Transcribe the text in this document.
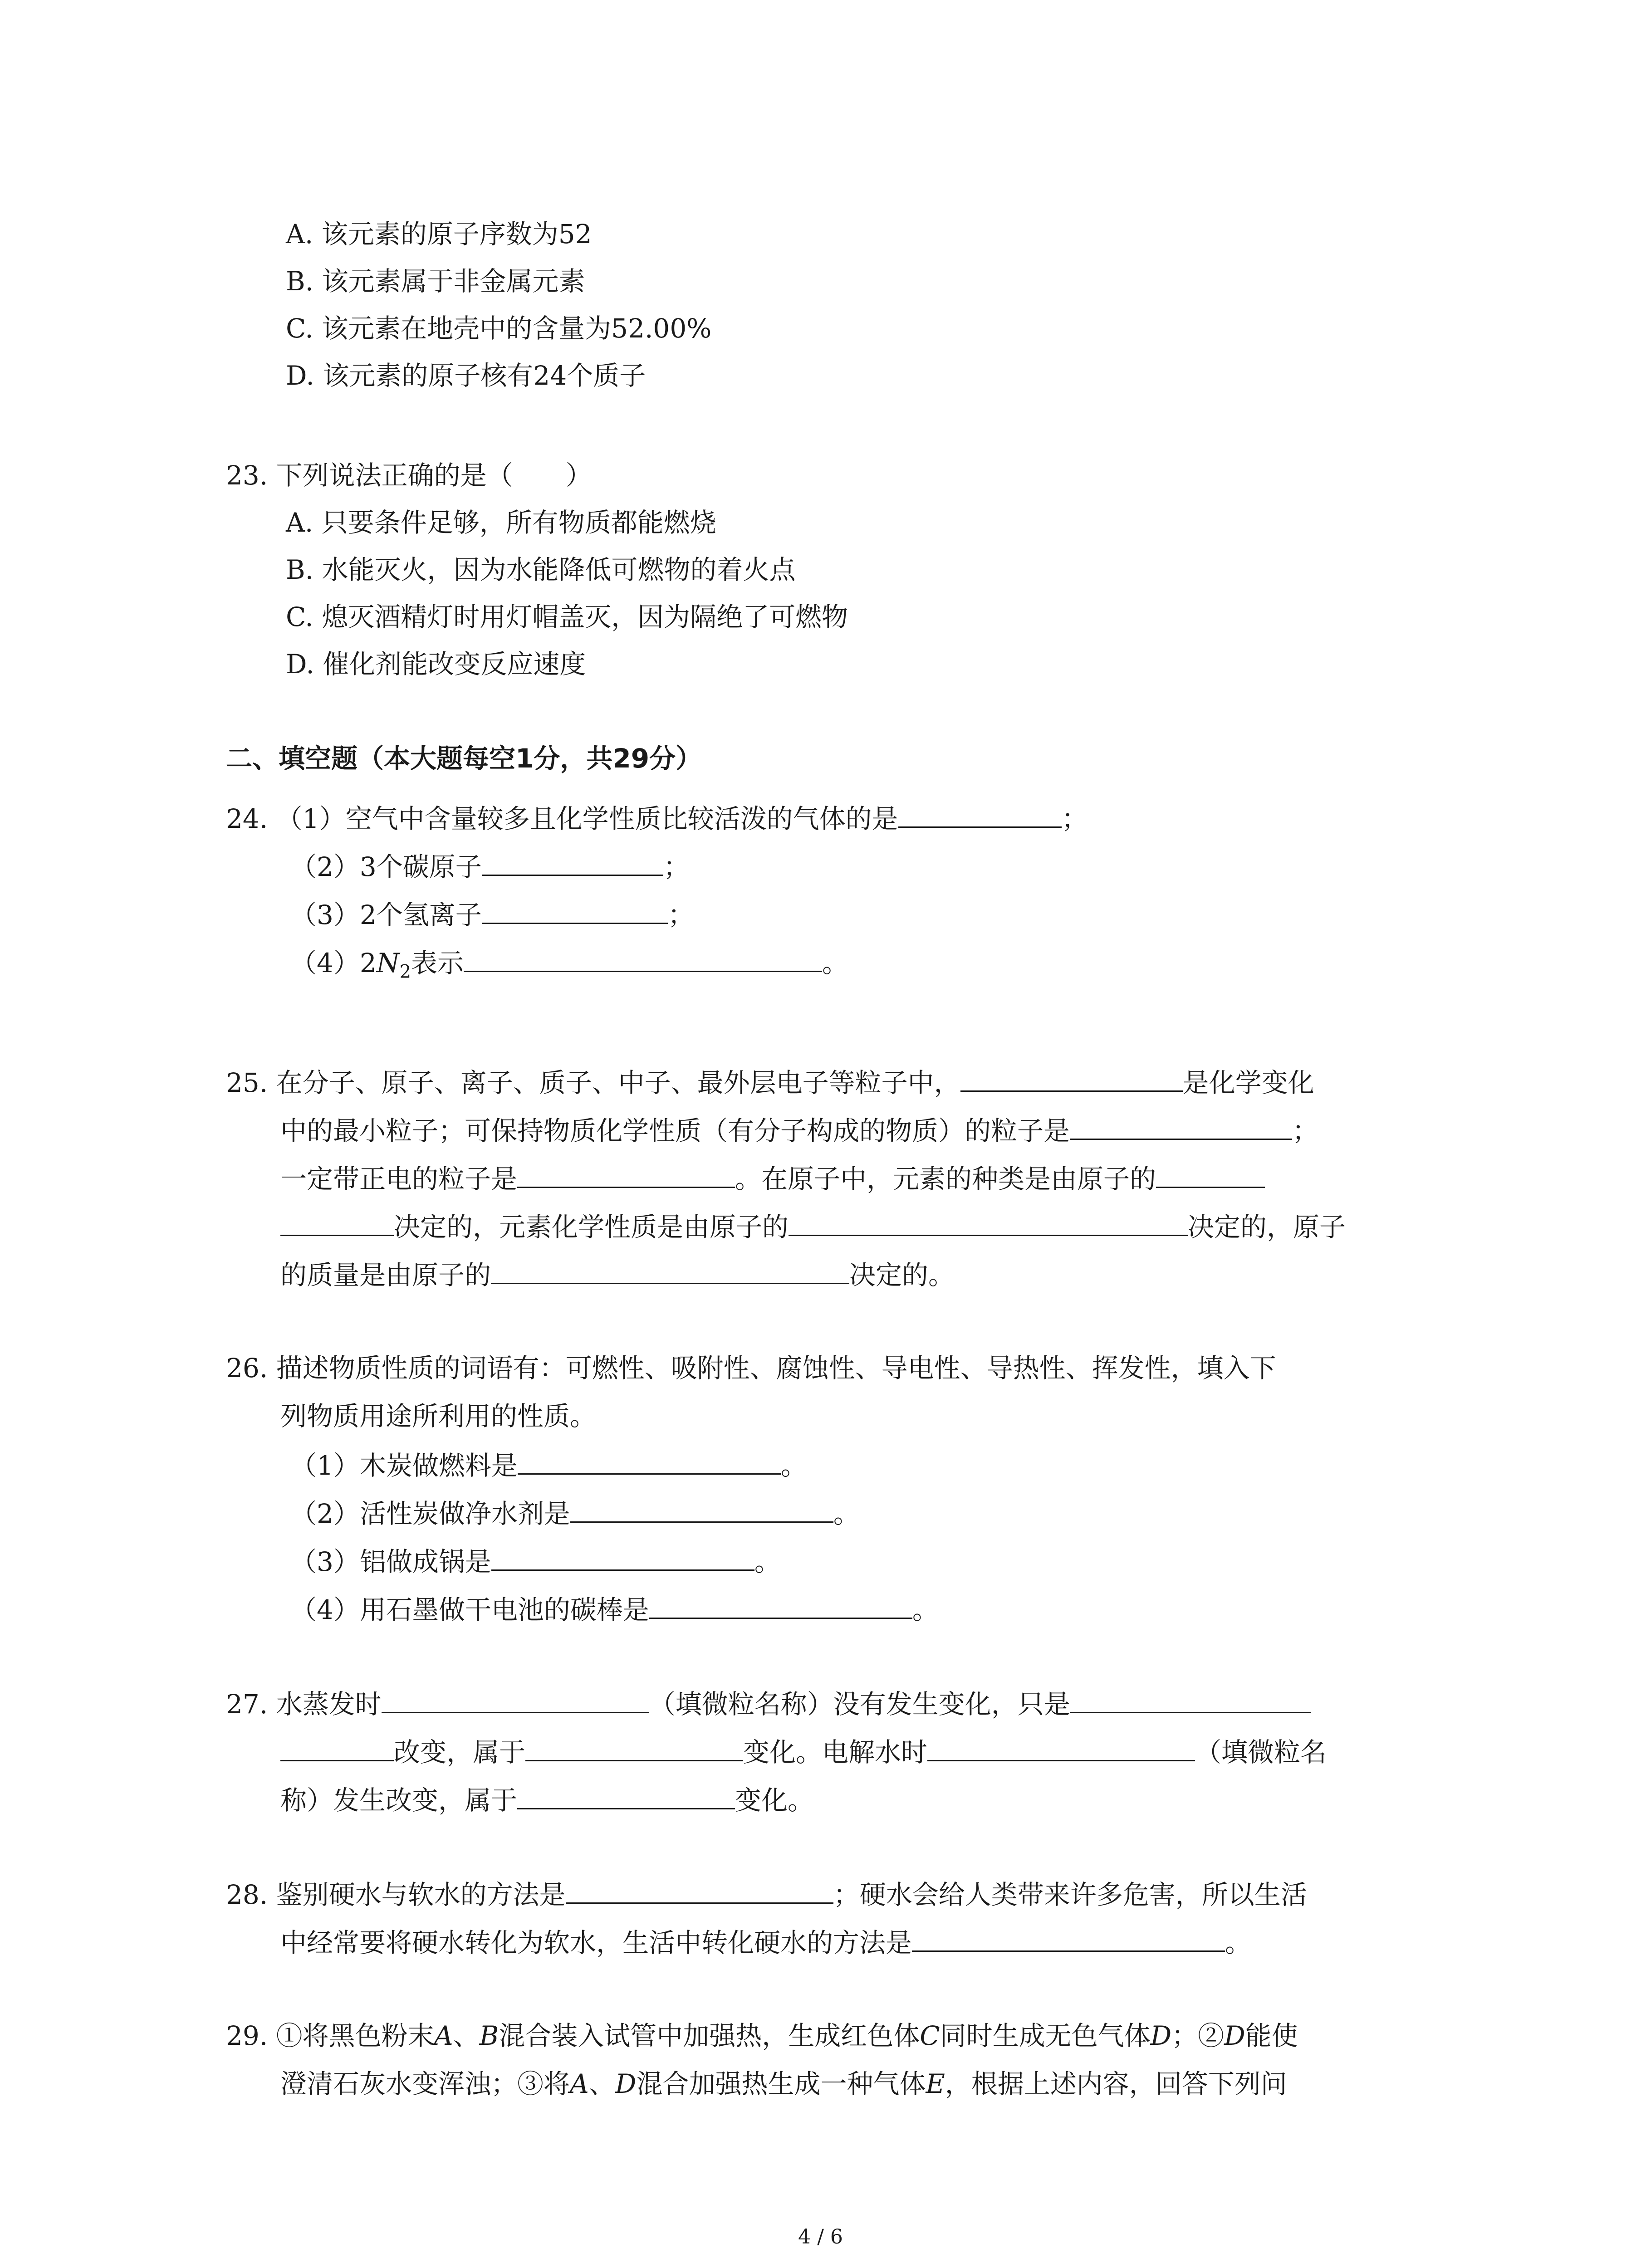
A. 该元素的原子序数为52
B. 该元素属于非金属元素
C. 该元素在地壳中的含量为52.00%
D. 该元素的原子核有24个质子
23. 下列说法正确的是（　　）
A. 只要条件足够，所有物质都能燃烧
B. 水能灭火，因为水能降低可燃物的着火点
C. 熄灭酒精灯时用灯帽盖灭，因为隔绝了可燃物
D. 催化剂能改变反应速度
二、填空题（本大题每空1分，共29分）
24. （1）空气中含量较多且化学性质比较活泼的气体的是	；
（2）3个碳原子	；
（3）2个氢离子	；
$(4)2N_2$表示	。
25. 在分子、原子、离子、质子、中子、最外层电子等粒子中，	是化学变化
中的最小粒子；可保持物质化学性质（有分子构成的物质）的粒子是	；
一定带正电的粒子是	。在原子中，元素的种类是由原子的
决定的，元素化学性质是由原子的	决定的，原子
的质量是由原子的	决定的。
26. 描述物质性质的词语有：可燃性、吸附性、腐蚀性、导电性、导热性、挥发性，填入下
列物质用途所利用的性质。
（1）木炭做燃料是	。
（2）活性炭做净水剂是	。
（3）铝做成锅是	。
（4）用石墨做干电池的碳棒是	。
27. 水蒸发时	（填微粒名称）没有发生变化，只是
改变，属于	变化。电解水时	（填微粒名
称）发生改变，属于	变化。
28. 鉴别硬水与软水的方法是	；硬水会给人类带来许多危害，所以生活
中经常要将硬水转化为软水，生活中转化硬水的方法是	。
29. ①将黑色粉末A、B混合装入试管中加强热，生成红色体C同时生成无色气体D；②D能使
澄清石灰水变浑浊；③将A、D混合加强热生成一种气体E，根据上述内容，回答下列问
4 / 6
